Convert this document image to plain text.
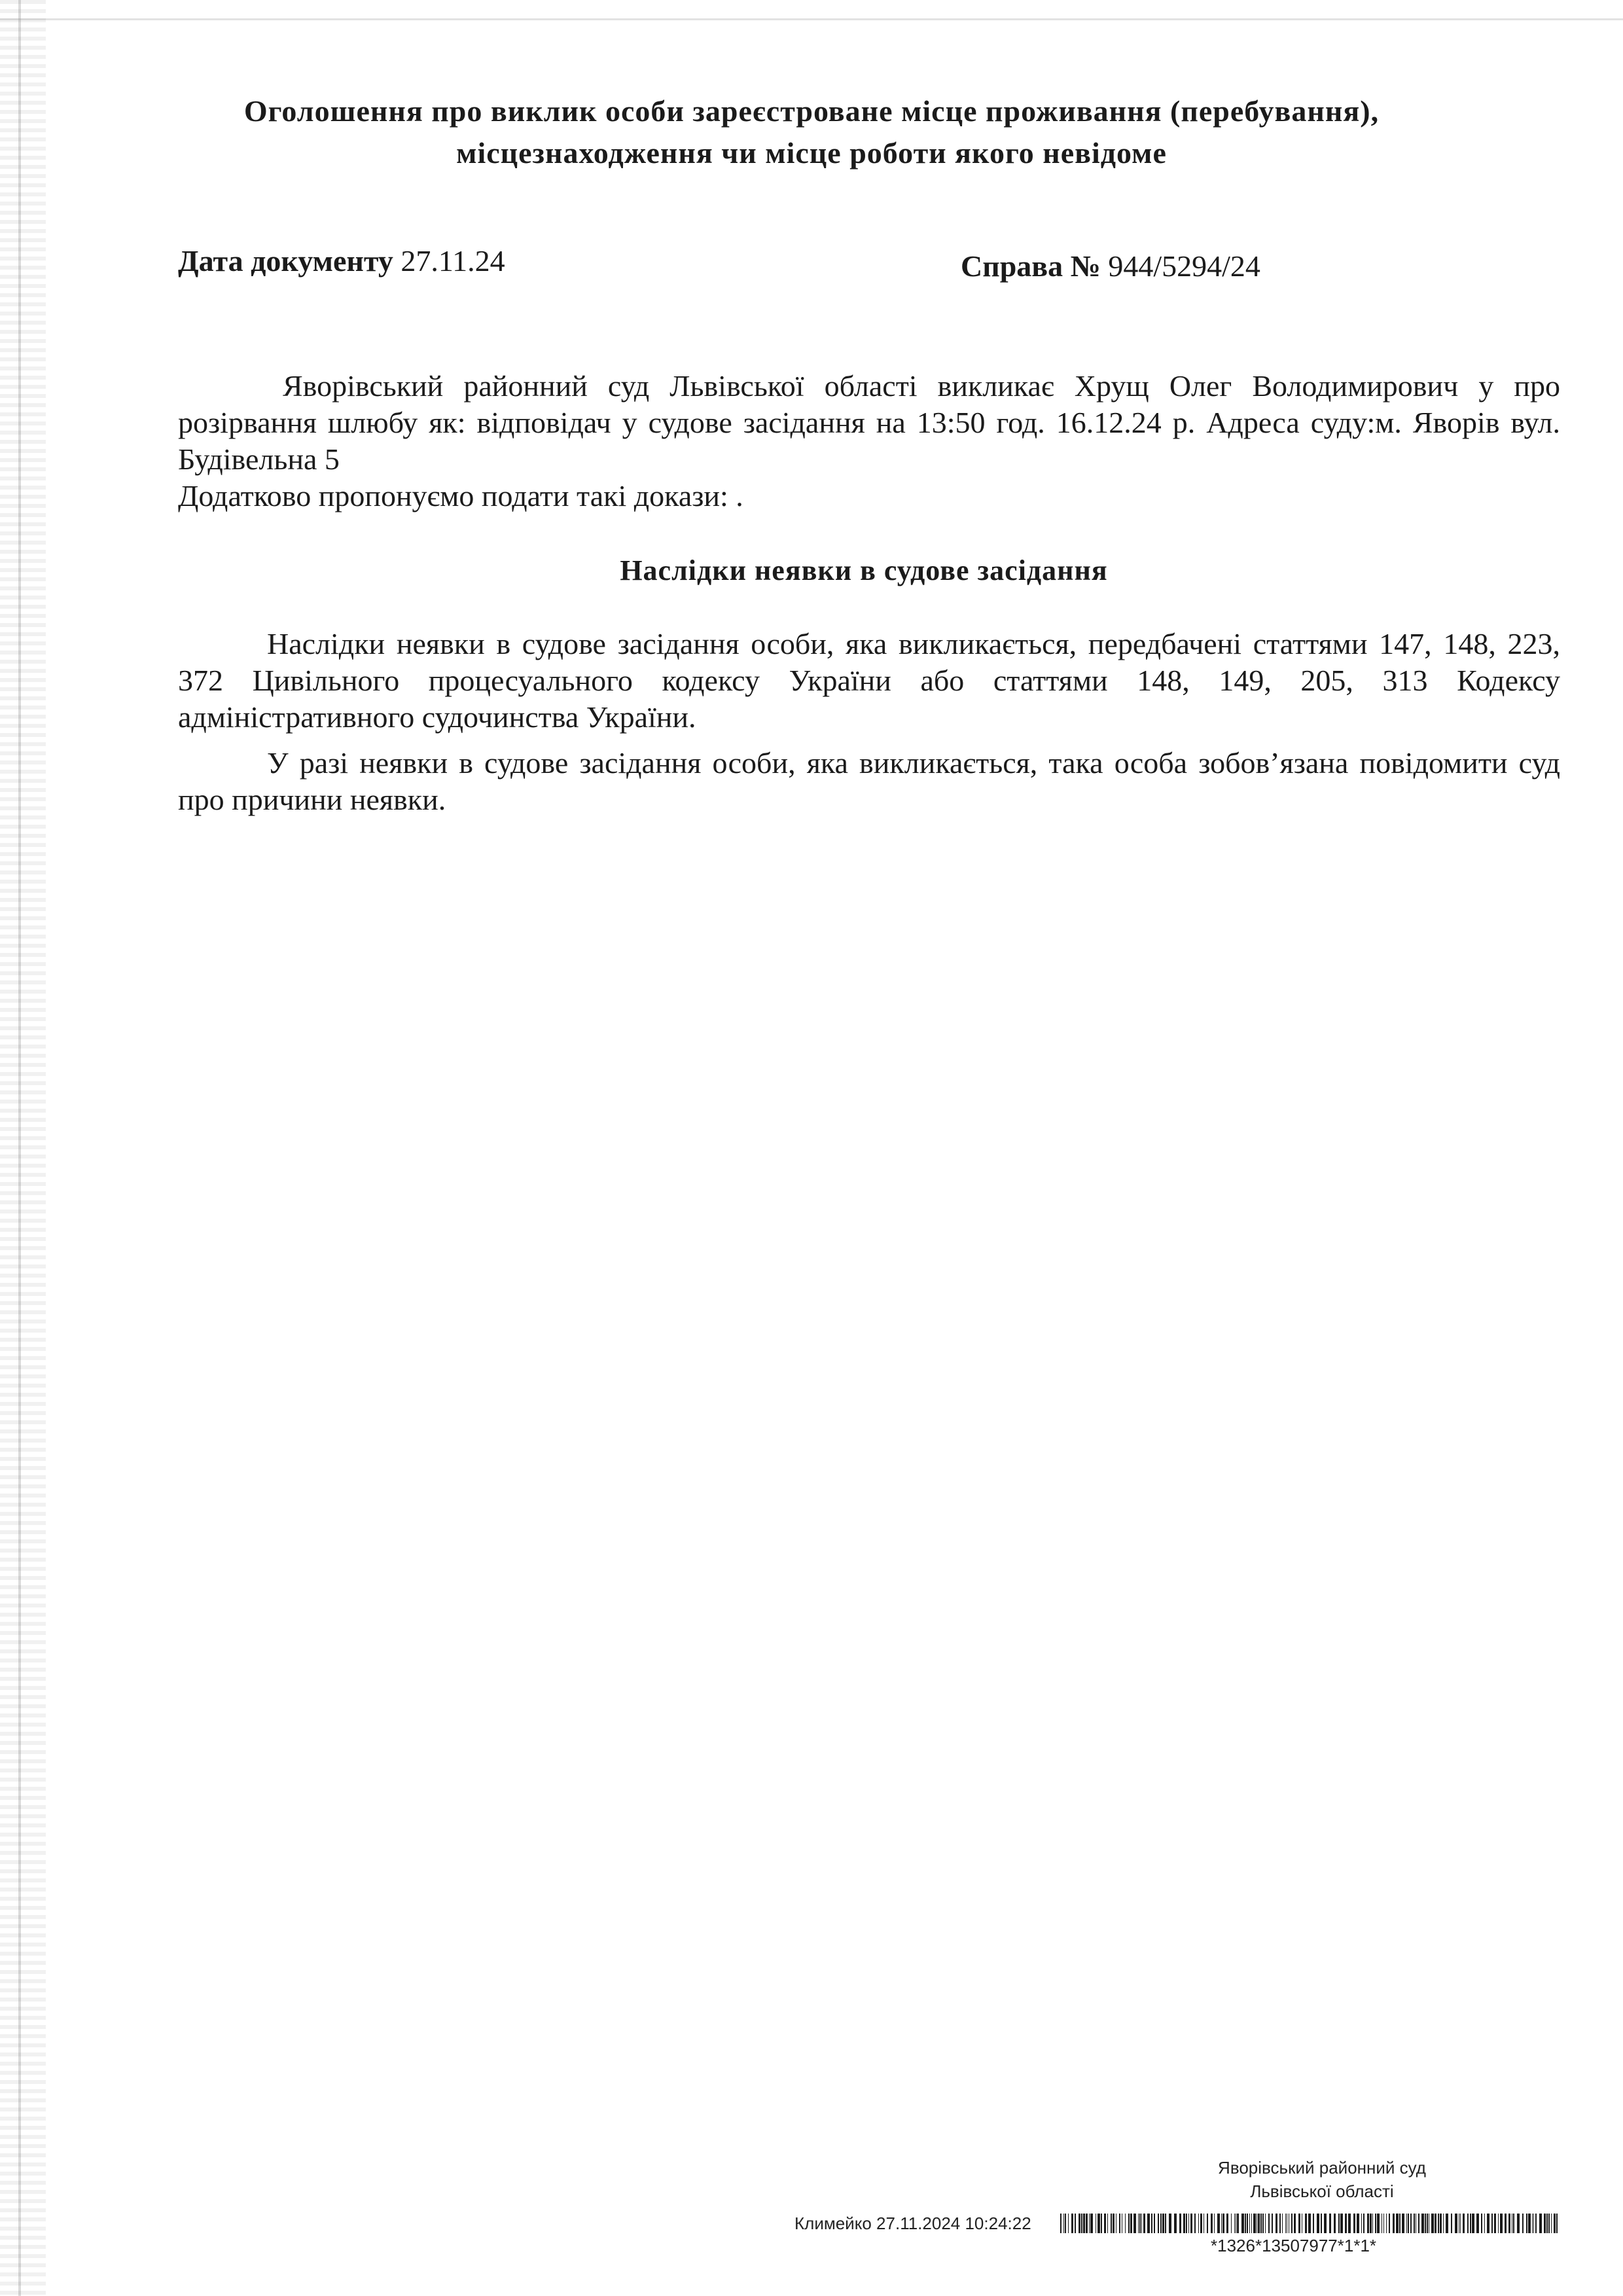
Оголошення про виклик особи зареєстроване місце проживання (перебування),
місцезнаходження чи місце роботи якого невідоме
Дата документу 27.11.24	Справа № 944/5294/24

Яворівський районний суд Львівської області викликає Хрущ Олег Володимирович у про розірвання шлюбу як: відповідач у судове засідання на 13:50 год. 16.12.24 р. Адреса суду:м. Яворів вул. Будівельна 5

Додатково пропонуємо подати такі докази: .
Наслідки неявки в судове засідання

Наслідки неявки в судове засідання особи, яка викликається, передбачені статтями 147, 148, 223, 372 Цивільного процесуального кодексу України або статтями 148, 149, 205, 313 Кодексу адміністративного судочинства України.

У разі неявки в судове засідання особи, яка викликається, така особа зобов’язана повідомити суд про причини неявки.

Яворівський районний суд
Львівської області
Климейко 27.11.2024 10:24:22
*1326*13507977*1*1*
